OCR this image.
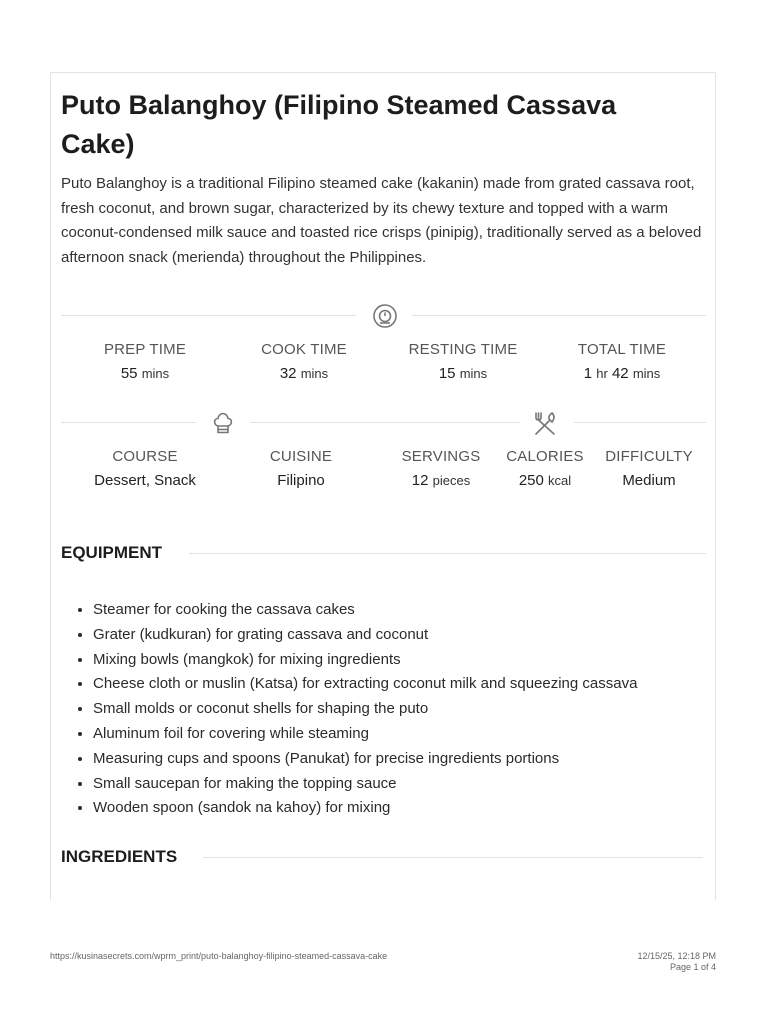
Puto Balanghoy (Filipino Steamed Cassava Cake)

Puto Balanghoy is a traditional Filipino steamed cake (kakanin) made from grated cassava root, fresh coconut, and brown sugar, characterized by its chewy texture and topped with a warm coconut-condensed milk sauce and toasted rice crisps (pinipig), traditionally served as a beloved afternoon snack (merienda) throughout the Philippines.

PREP TIME
55 mins
COOK TIME
32 mins
RESTING TIME
15 mins
TOTAL TIME
1 hr 42 mins
COURSE
Dessert, Snack
CUISINE
Filipino
SERVINGS
12 pieces
CALORIES
250 kcal
DIFFICULTY
Medium
EQUIPMENT
• Steamer for cooking the cassava cakes
• Grater (kudkuran) for grating cassava and coconut
• Mixing bowls (mangkok) for mixing ingredients
• Cheese cloth or muslin (Katsa) for extracting coconut milk and squeezing cassava
• Small molds or coconut shells for shaping the puto
• Aluminum foil for covering while steaming
• Measuring cups and spoons (Panukat) for precise ingredients portions
• Small saucepan for making the topping sauce
• Wooden spoon (sandok na kahoy) for mixing
INGREDIENTS
https://kusinasecrets.com/wprm_print/puto-balanghoy-filipino-steamed-cassava-cake	12/15/25, 12:18 PM
Page 1 of 4
